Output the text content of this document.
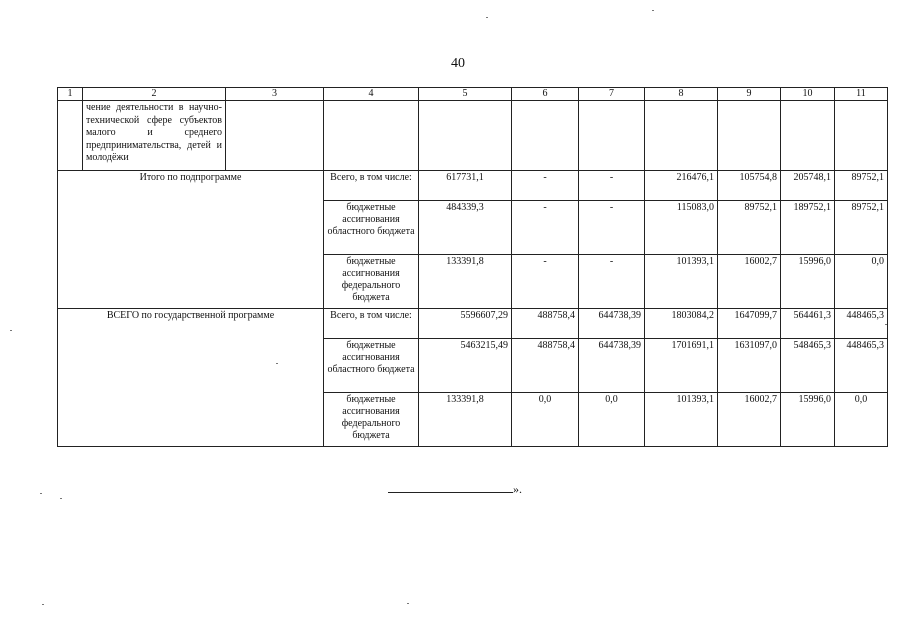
40
1	2	3	4	5	6	7	8	9	10	11
	чение деятельности в научно-технической сфере субъектов малого и среднего предпринимательства, детей и молодёжи									
Итого по подпрограмме			Всего, в том числе:	617731,1	-	-	216476,1	105754,8	205748,1	89752,1
			бюджетные ассигнования областного бюджета	484339,3	-	-	115083,0	89752,1	189752,1	89752,1
			бюджетные ассигнования федерального бюджета	133391,8	-	-	101393,1	16002,7	15996,0	0,0
ВСЕГО по государственной программе			Всего, в том числе:	5596607,29	488758,4	644738,39	1803084,2	1647099,7	564461,3	448465,3
			бюджетные ассигнования областного бюджета	5463215,49	488758,4	644738,39	1701691,1	1631097,0	548465,3	448465,3
			бюджетные ассигнования федерального бюджета	133391,8	0,0	0,0	101393,1	16002,7	15996,0	0,0
».
